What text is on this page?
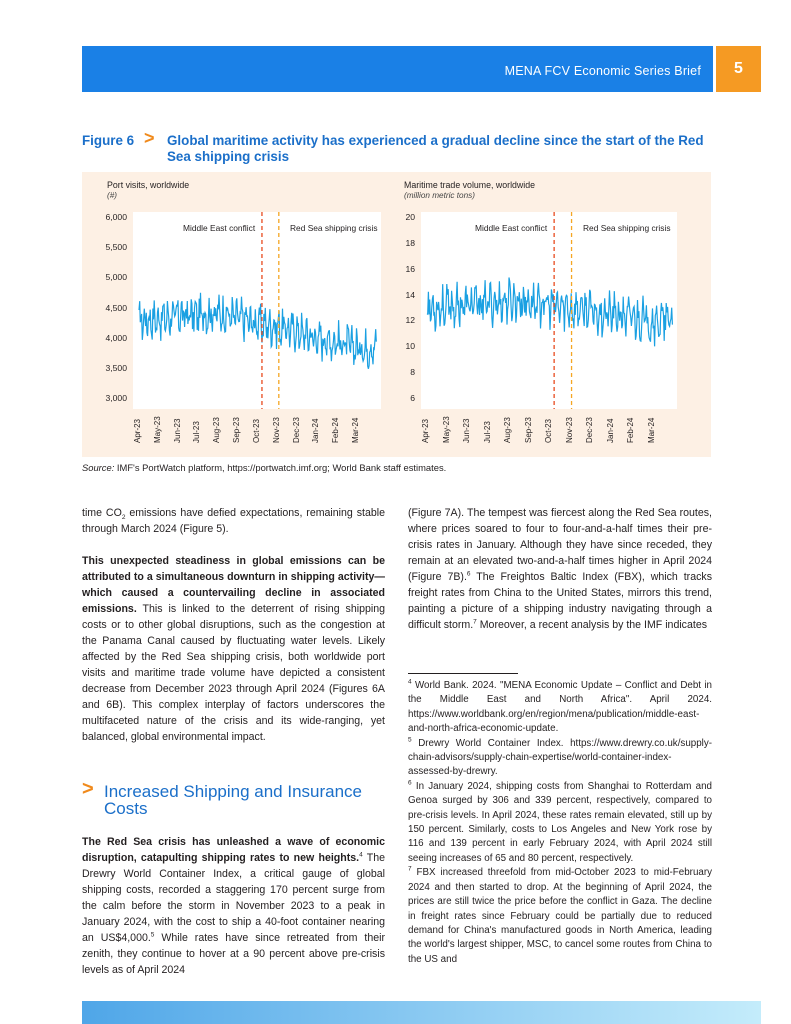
MENA FCV Economic Series Brief	5
Figure 6 > Global maritime activity has experienced a gradual decline since the start of the Red Sea shipping crisis
Port visits, worldwide
(#)
6,000
5,500
5,000
4,500
4,000
3,500
3,000
Middle East conflict	Red Sea shipping crisis
Apr-23 May-23 Jun-23 Jul-23 Aug-23 Sep-23 Oct-23 Nov-23 Dec-23 Jan-24 Feb-24 Mar-24
Maritime trade volume, worldwide
(million metric tons)
20
18
16
14
12
10
8
6
Middle East conflict	Red Sea shipping crisis
Apr-23 May-23 Jun-23 Jul-23 Aug-23 Sep-23 Oct-23 Nov-23 Dec-23 Jan-24 Feb-24 Mar-24
Source: IMF's PortWatch platform, https://portwatch.imf.org; World Bank staff estimates.

time $CO_2$ emissions have defied expectations, remaining stable through March 2024 (Figure 5).

This unexpected steadiness in global emissions can be attributed to a simultaneous downturn in shipping activity—which caused a countervailing decline in associated emissions. This is linked to the deterrent of rising shipping costs or to other global disruptions, such as the congestion at the Panama Canal caused by fluctuating water levels. Likely affected by the Red Sea shipping crisis, both worldwide port visits and maritime trade volume have depicted a consistent decrease from December 2023 through April 2024 (Figures 6A and 6B). This complex interplay of factors underscores the multifaceted nature of the crisis and its wide-ranging, yet balanced, global environmental impact.

> Increased Shipping and Insurance Costs

The Red Sea crisis has unleashed a wave of economic disruption, catapulting shipping rates to new heights.$^4$ The Drewry World Container Index, a critical gauge of global shipping costs, recorded a staggering 170 percent surge from the calm before the storm in November 2023 to a peak in January 2024, with the cost to ship a 40-foot container nearing an US$4,000.$^5$ While rates have since retreated from their zenith, they continue to hover at a 90 percent above pre-crisis levels as of April 2024

(Figure 7A). The tempest was fiercest along the Red Sea routes, where prices soared to four to four-and-a-half times their pre-crisis rates in January. Although they have since receded, they remain at an elevated two-and-a-half times higher in April 2024 (Figure 7B).$^6$ The Freightos Baltic Index (FBX), which tracks freight rates from China to the United States, mirrors this trend, painting a picture of a shipping industry navigating through a difficult storm.$^7$ Moreover, a recent analysis by the IMF indicates

$^4$ World Bank. 2024. "MENA Economic Update – Conflict and Debt in the Middle East and North Africa". April 2024. https://www.worldbank.org/en/region/mena/publication/middle-east-and-north-africa-economic-update.

$^5$ Drewry World Container Index. https://www.drewry.co.uk/supply-chain-advisors/supply-chain-expertise/world-container-index-assessed-by-drewry.

$^6$ In January 2024, shipping costs from Shanghai to Rotterdam and Genoa surged by 306 and 339 percent, respectively, compared to pre-crisis levels. In April 2024, these rates remain elevated, still up by 150 percent. Similarly, costs to Los Angeles and New York rose by 116 and 139 percent in early February 2024, with April 2024 still seeing increases of 65 and 80 percent, respectively.

$^7$ FBX increased threefold from mid-October 2023 to mid-February 2024 and then started to drop. At the beginning of April 2024, the prices are still twice the price before the conflict in Gaza. The decline in freight rates since February could be partially due to reduced demand for China's manufactured goods in North America, leading the world's largest shipper, MSC, to cancel some routes from China to the US and
